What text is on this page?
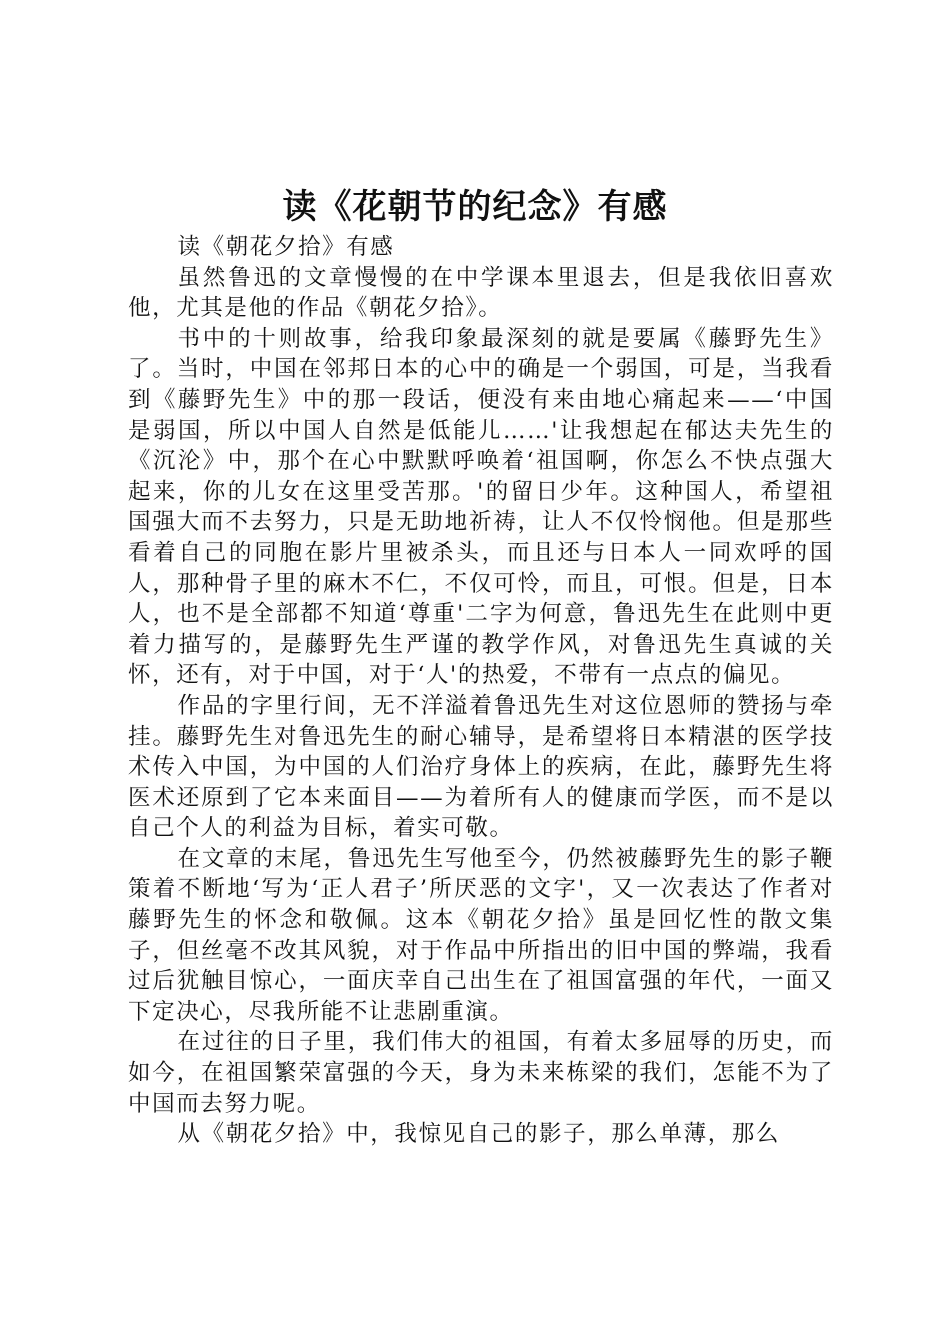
读《花朝节的纪念》有感

读《朝花夕拾》有感

虽然鲁迅的文章慢慢的在中学课本里退去，但是我依旧喜欢他，尤其是他的作品《朝花夕拾》。

书中的十则故事，给我印象最深刻的就是要属《藤野先生》了。当时，中国在邻邦日本的心中的确是一个弱国，可是，当我看到《藤野先生》中的那一段话，便没有来由地心痛起来——‘中国是弱国，所以中国人自然是低能儿……'让我想起在郁达夫先生的《沉沦》中，那个在心中默默呼唤着‘祖国啊，你怎么不快点强大起来，你的儿女在这里受苦那。'的留日少年。这种国人，希望祖国强大而不去努力，只是无助地祈祷，让人不仅怜悯他。但是那些看着自己的同胞在影片里被杀头，而且还与日本人一同欢呼的国人，那种骨子里的麻木不仁，不仅可怜，而且，可恨。但是，日本人，也不是全部都不知道‘尊重'二字为何意，鲁迅先生在此则中更着力描写的，是藤野先生严谨的教学作风，对鲁迅先生真诚的关怀，还有，对于中国，对于‘人'的热爱，不带有一点点的偏见。

作品的字里行间，无不洋溢着鲁迅先生对这位恩师的赞扬与牵挂。藤野先生对鲁迅先生的耐心辅导，是希望将日本精湛的医学技术传入中国，为中国的人们治疗身体上的疾病，在此，藤野先生将医术还原到了它本来面目——为着所有人的健康而学医，而不是以自己个人的利益为目标，着实可敬。

在文章的末尾，鲁迅先生写他至今，仍然被藤野先生的影子鞭策着不断地‘写为‘正人君子’所厌恶的文字'，又一次表达了作者对藤野先生的怀念和敬佩。这本《朝花夕拾》虽是回忆性的散文集子，但丝毫不改其风貌，对于作品中所指出的旧中国的弊端，我看过后犹触目惊心，一面庆幸自己出生在了祖国富强的年代，一面又下定决心，尽我所能不让悲剧重演。

在过往的日子里，我们伟大的祖国，有着太多屈辱的历史，而如今，在祖国繁荣富强的今天，身为未来栋梁的我们，怎能不为了中国而去努力呢。

从《朝花夕拾》中，我惊见自己的影子，那么单薄，那么
